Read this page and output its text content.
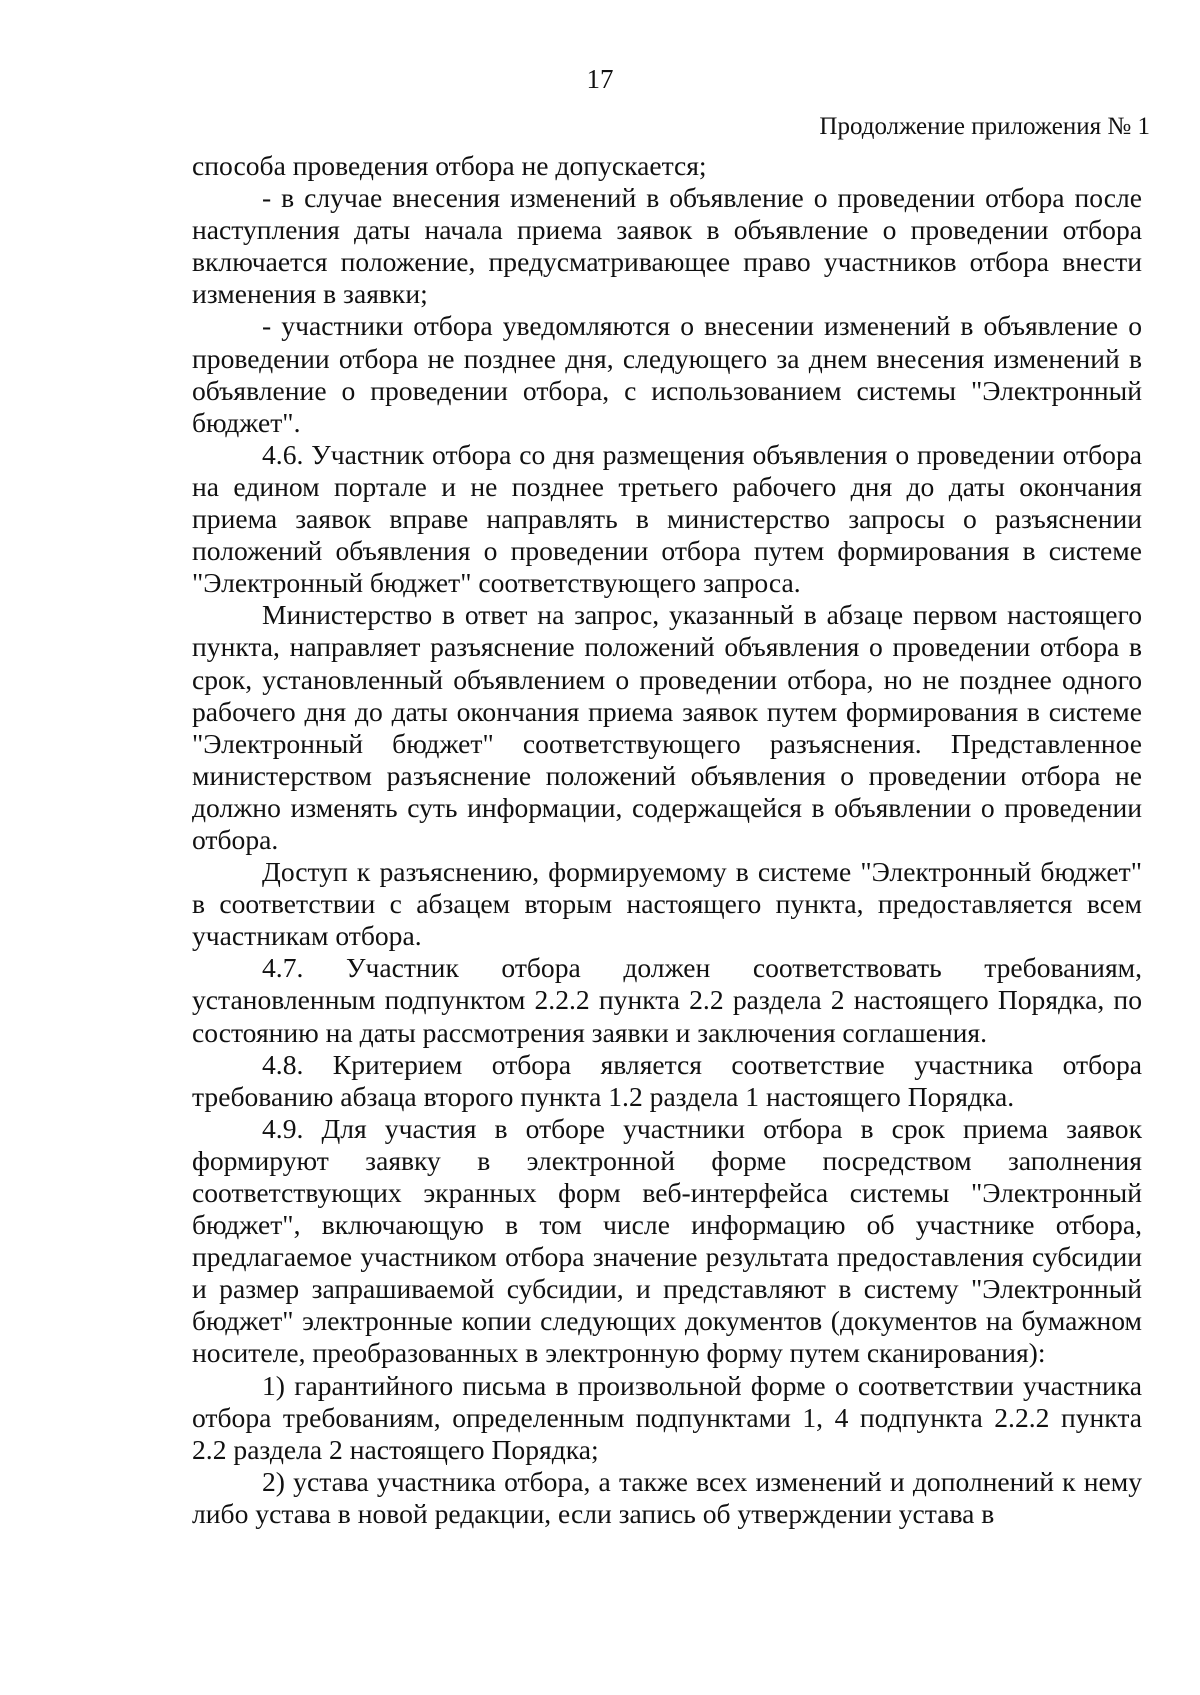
17
Продолжение приложения № 1

способа проведения отбора не допускается;

- в случае внесения изменений в объявление о проведении отбора после наступления даты начала приема заявок в объявление о проведении отбора включается положение, предусматривающее право участников отбора внести изменения в заявки;

- участники отбора уведомляются о внесении изменений в объявление о проведении отбора не позднее дня, следующего за днем внесения изменений в объявление о проведении отбора, с использованием системы "Электронный бюджет".

4.6. Участник отбора со дня размещения объявления о проведении отбора на едином портале и не позднее третьего рабочего дня до даты окончания приема заявок вправе направлять в министерство запросы о разъяснении положений объявления о проведении отбора путем формирования в системе "Электронный бюджет" соответствующего запроса.

Министерство в ответ на запрос, указанный в абзаце первом настоящего пункта, направляет разъяснение положений объявления о проведении отбора в срок, установленный объявлением о проведении отбора, но не позднее одного рабочего дня до даты окончания приема заявок путем формирования в системе "Электронный бюджет" соответствующего разъяснения. Представленное министерством разъяснение положений объявления о проведении отбора не должно изменять суть информации, содержащейся в объявлении о проведении отбора.

Доступ к разъяснению, формируемому в системе "Электронный бюджет" в соответствии с абзацем вторым настоящего пункта, предоставляется всем участникам отбора.

4.7. Участник отбора должен соответствовать требованиям, установленным подпунктом 2.2.2 пункта 2.2 раздела 2 настоящего Порядка, по состоянию на даты рассмотрения заявки и заключения соглашения.

4.8. Критерием отбора является соответствие участника отбора требованию абзаца второго пункта 1.2 раздела 1 настоящего Порядка.

4.9. Для участия в отборе участники отбора в срок приема заявок формируют заявку в электронной форме посредством заполнения соответствующих экранных форм веб-интерфейса системы "Электронный бюджет", включающую в том числе информацию об участнике отбора, предлагаемое участником отбора значение результата предоставления субсидии и размер запрашиваемой субсидии, и представляют в систему "Электронный бюджет" электронные копии следующих документов (документов на бумажном носителе, преобразованных в электронную форму путем сканирования):

1) гарантийного письма в произвольной форме о соответствии участника отбора требованиям, определенным подпунктами 1, 4 подпункта 2.2.2 пункта 2.2 раздела 2 настоящего Порядка;

2) устава участника отбора, а также всех изменений и дополнений к нему либо устава в новой редакции, если запись об утверждении устава в
